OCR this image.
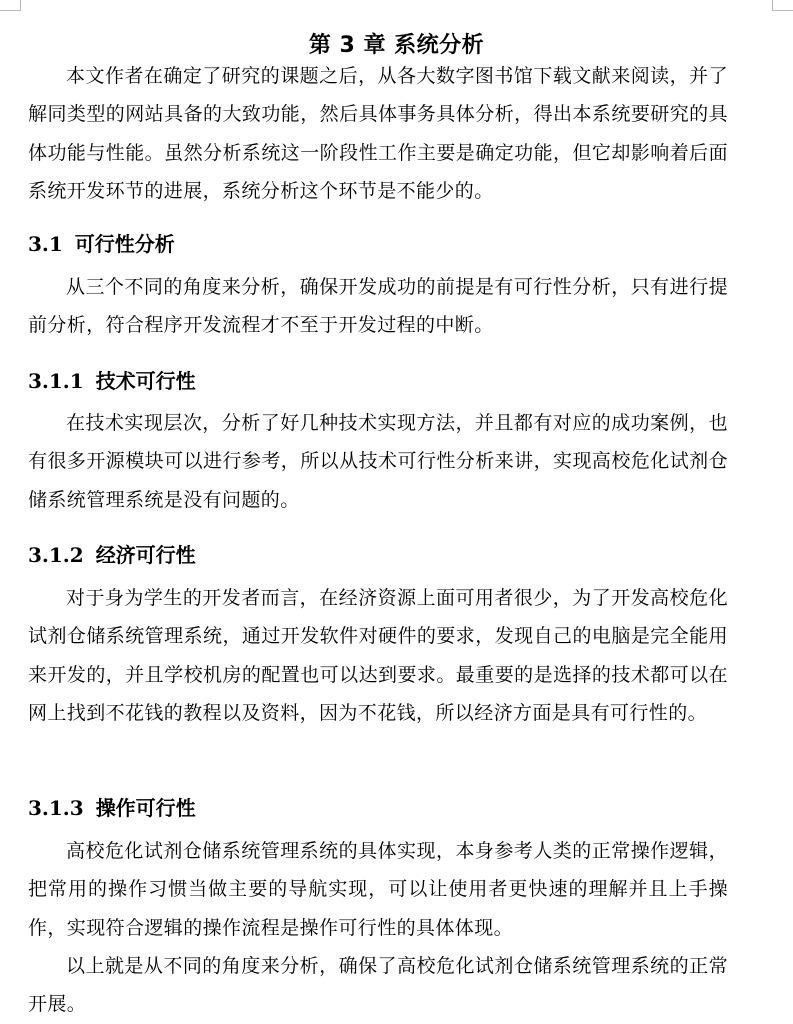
第 3 章 系统分析

本文作者在确定了研究的课题之后，从各大数字图书馆下载文献来阅读，并了解同类型的网站具备的大致功能，然后具体事务具体分析，得出本系统要研究的具体功能与性能。虽然分析系统这一阶段性工作主要是确定功能，但它却影响着后面系统开发环节的进展，系统分析这个环节是不能少的。

3.1 可行性分析

从三个不同的角度来分析，确保开发成功的前提是有可行性分析，只有进行提前分析，符合程序开发流程才不至于开发过程的中断。

3.1.1 技术可行性

在技术实现层次，分析了好几种技术实现方法，并且都有对应的成功案例，也有很多开源模块可以进行参考，所以从技术可行性分析来讲，实现高校危化试剂仓储系统管理系统是没有问题的。

3.1.2 经济可行性

对于身为学生的开发者而言，在经济资源上面可用者很少，为了开发高校危化试剂仓储系统管理系统，通过开发软件对硬件的要求，发现自己的电脑是完全能用来开发的，并且学校机房的配置也可以达到要求。最重要的是选择的技术都可以在网上找到不花钱的教程以及资料，因为不花钱，所以经济方面是具有可行性的。

3.1.3 操作可行性

高校危化试剂仓储系统管理系统的具体实现，本身参考人类的正常操作逻辑，把常用的操作习惯当做主要的导航实现，可以让使用者更快速的理解并且上手操作，实现符合逻辑的操作流程是操作可行性的具体体现。

以上就是从不同的角度来分析，确保了高校危化试剂仓储系统管理系统的正常开展。
